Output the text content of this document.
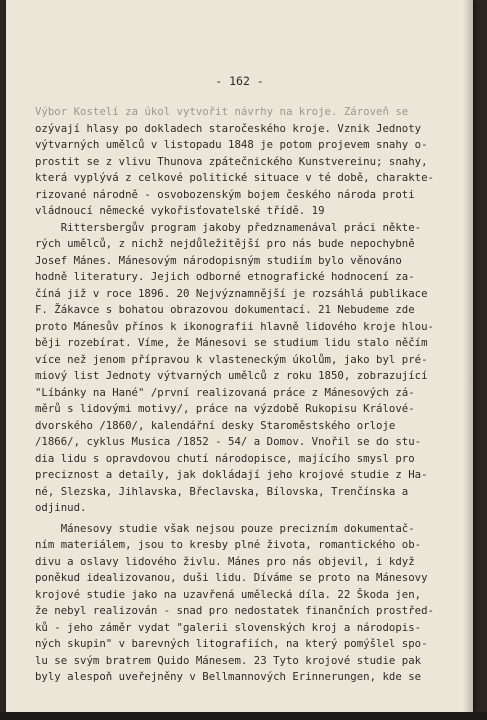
- 162 -
Výbor Kostelí za úkol vytvořit návrhy na kroje. Zároveň se
ozývají hlasy po dokladech staročeského kroje. Vznik Jednoty
výtvarných umělců v listopadu 1848 je potom projevem snahy o-
prostit se z vlivu Thunova zpátečnického Kunstvereinu; snahy,
která vyplývá z celkové politické situace v té době, charakte-
rizované národně - osvobozenským bojem českého národa proti
vládnoucí německé vykořisťovatelské třídě. 19
Rittersbergův program jakoby předznamenával práci někte-
rých umělců, z nichž nejdůležitější pro nás bude nepochybně
Josef Mánes. Mánesovým národopisným studiím bylo věnováno
hodně literatury. Jejich odborné etnografické hodnocení za-
číná již v roce 1896. 20 Nejvýznamnější je rozsáhlá publikace
F. Žákavce s bohatou obrazovou dokumentací. 21 Nebudeme zde
proto Mánesův přínos k ikonografii hlavně lidového kroje hlou-
běji rozebírat. Víme, že Mánesovi se studium lidu stalo něčím
více než jenom přípravou k vlasteneckým úkolům, jako byl pré-
miový list Jednoty výtvarných umělců z roku 1850, zobrazující
"Líbánky na Hané" /první realizovaná práce z Mánesových zá-
měrů s lidovými motivy/, práce na výzdobě Rukopisu Králové-
dvorského /1860/, kalendářní desky Staroměstského orloje
/1866/, cyklus Musica /1852 - 54/ a Domov. Vnořil se do stu-
dia lidu s opravdovou chutí národopisce, majícího smysl pro
preciznost a detaily, jak dokládají jeho krojové studie z Ha-
né, Slezska, Jihlavska, Břeclavska, Bílovska, Trenčínska a
odjinud.
Mánesovy studie však nejsou pouze precizním dokumentač-
ním materiálem, jsou to kresby plné života, romantického ob-
divu a oslavy lidového živlu. Mánes pro nás objevil, i když
poněkud idealizovanou, duši lidu. Díváme se proto na Mánesovy
krojové studie jako na uzavřená umělecká díla. 22 Škoda jen,
že nebyl realizován - snad pro nedostatek finančních prostřed-
ků - jeho záměr vydat "galerii slovenských kroj a národopis-
ných skupin" v barevných litografiích, na který pomýšlel spo-
lu se svým bratrem Quido Mánesem. 23 Tyto krojové studie pak
byly alespoň uveřejněny v Bellmannových Erinnerungen, kde se
